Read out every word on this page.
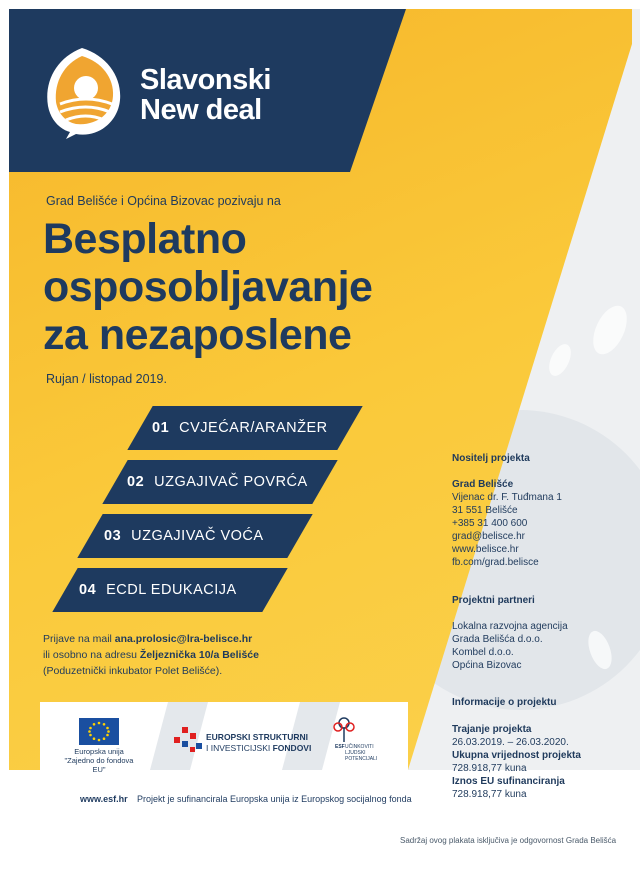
Slavonski
New deal
Grad Belišće i Općina Bizovac pozivaju na
Besplatno
osposobljavanje
za nezaposlene
Rujan / listopad 2019.
01 CVJEĆAR/ARANŽER
02 UZGAJIVAČ POVRĆA
03 UZGAJIVAČ VOĆA
04 ECDL EDUKACIJA
Prijave na mail ana.prolosic@lra-belisce.hr
ili osobno na adresu Željeznička 10/a Belišće
(Poduzetnički inkubator Polet Belišće).
Europska unija
"Zajedno do fondova EU"
EUROPSKI STRUKTURNI
I INVESTICIJSKI FONDOVI	ESF UČINKOVITI
LJUDSKI
POTENCIJALI
www.esf.hr Projekt je sufinancirala Europska unija iz Europskog socijalnog fonda
Sadržaj ovog plakata isključiva je odgovornost Grada Belišća
Nositelj projekta
Grad Belišće
Vijenac dr. F. Tuđmana 1
31 551 Belišće
+385 31 400 600
grad@belisce.hr
www.belisce.hr
fb.com/grad.belisce
Projektni partneri
Lokalna razvojna agencija
Grada Belišća d.o.o.
Kombel d.o.o.
Općina Bizovac
Informacije o projektu
Trajanje projekta
26.03.2019. – 26.03.2020.
Ukupna vrijednost projekta
728.918,77 kuna
Iznos EU sufinanciranja
728.918,77 kuna
